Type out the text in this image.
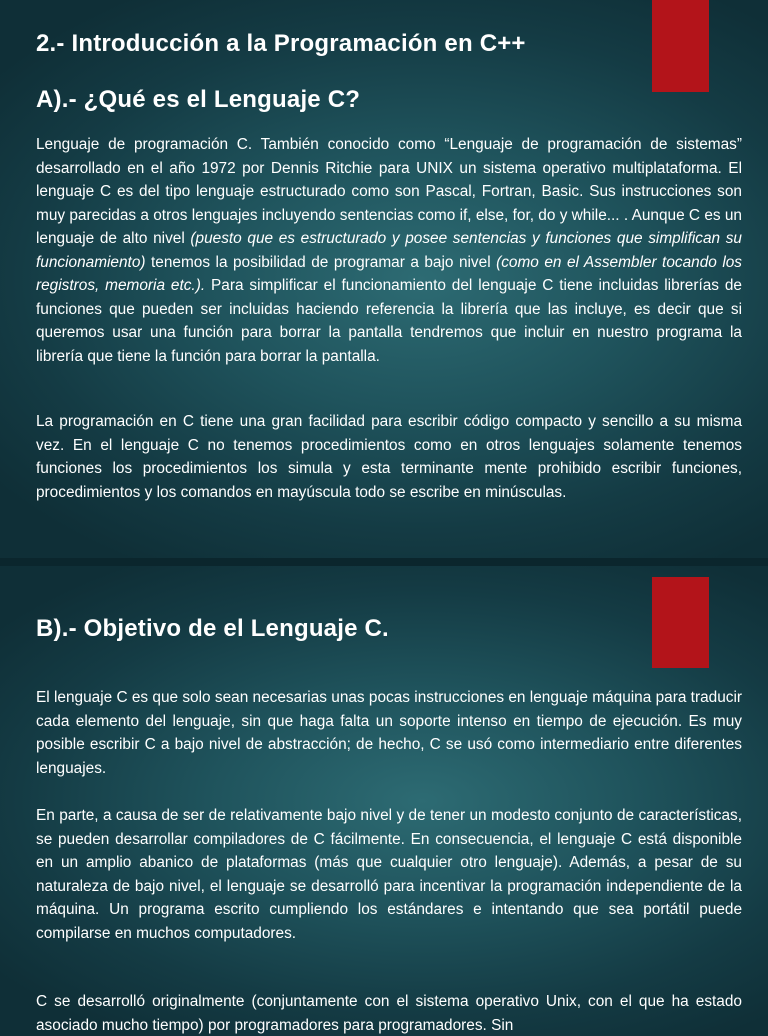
2.- Introducción a la Programación en C++
A).- ¿Qué es el Lenguaje C?

Lenguaje de programación C. También conocido como “Lenguaje de programación de sistemas” desarrollado en el año 1972 por Dennis Ritchie para UNIX un sistema operativo multiplataforma. El lenguaje C es del tipo lenguaje estructurado como son Pascal, Fortran, Basic. Sus instrucciones son muy parecidas a otros lenguajes incluyendo sentencias como if, else, for, do y while... . Aunque C es un lenguaje de alto nivel (puesto que es estructurado y posee sentencias y funciones que simplifican su funcionamiento) tenemos la posibilidad de programar a bajo nivel (como en el Assembler tocando los registros, memoria etc.). Para simplificar el funcionamiento del lenguaje C tiene incluidas librerías de funciones que pueden ser incluidas haciendo referencia la librería que las incluye, es decir que si queremos usar una función para borrar la pantalla tendremos que incluir en nuestro programa la librería que tiene la función para borrar la pantalla.

La programación en C tiene una gran facilidad para escribir código compacto y sencillo a su misma vez. En el lenguaje C no tenemos procedimientos como en otros lenguajes solamente tenemos funciones los procedimientos los simula y esta terminante mente prohibido escribir funciones, procedimientos y los comandos en mayúscula todo se escribe en minúsculas.

B).- Objetivo de el Lenguaje C.

El lenguaje C es que solo sean necesarias unas pocas instrucciones en lenguaje máquina para traducir cada elemento del lenguaje, sin que haga falta un soporte intenso en tiempo de ejecución. Es muy posible escribir C a bajo nivel de abstracción; de hecho, C se usó como intermediario entre diferentes lenguajes.

En parte, a causa de ser de relativamente bajo nivel y de tener un modesto conjunto de características, se pueden desarrollar compiladores de C fácilmente. En consecuencia, el lenguaje C está disponible en un amplio abanico de plataformas (más que cualquier otro lenguaje). Además, a pesar de su naturaleza de bajo nivel, el lenguaje se desarrolló para incentivar la programación independiente de la máquina. Un programa escrito cumpliendo los estándares e intentando que sea portátil puede compilarse en muchos computadores.

C se desarrolló originalmente (conjuntamente con el sistema operativo Unix, con el que ha estado asociado mucho tiempo) por programadores para programadores. Sin
